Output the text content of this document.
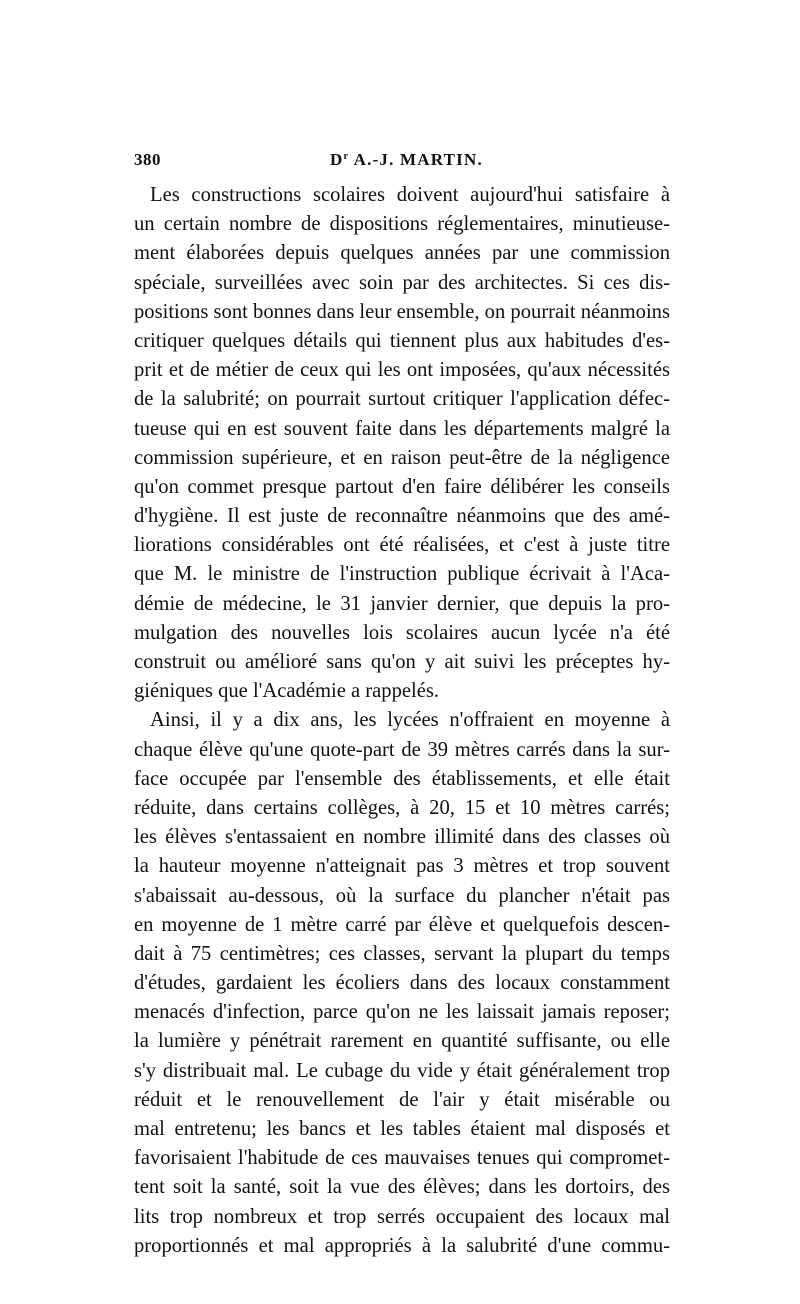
380	$D^r$ A.-J. MARTIN.
Les constructions scolaires doivent aujourd'hui satisfaire à
un certain nombre de dispositions réglementaires, minutieuse-
ment élaborées depuis quelques années par une commission
spéciale, surveillées avec soin par des architectes. Si ces dis-
positions sont bonnes dans leur ensemble, on pourrait néanmoins
critiquer quelques détails qui tiennent plus aux habitudes d'es-
prit et de métier de ceux qui les ont imposées, qu'aux nécessités
de la salubrité; on pourrait surtout critiquer l'application défec-
tueuse qui en est souvent faite dans les départements malgré la
commission supérieure, et en raison peut-être de la négligence
qu'on commet presque partout d'en faire délibérer les conseils
d'hygiène. Il est juste de reconnaître néanmoins que des amé-
liorations considérables ont été réalisées, et c'est à juste titre
que M. le ministre de l'instruction publique écrivait à l'Aca-
démie de médecine, le 31 janvier dernier, que depuis la pro-
mulgation des nouvelles lois scolaires aucun lycée n'a été
construit ou amélioré sans qu'on y ait suivi les préceptes hy-
giéniques que l'Académie a rappelés.
Ainsi, il y a dix ans, les lycées n'offraient en moyenne à
chaque élève qu'une quote-part de 39 mètres carrés dans la sur-
face occupée par l'ensemble des établissements, et elle était
réduite, dans certains collèges, à 20, 15 et 10 mètres carrés;
les élèves s'entassaient en nombre illimité dans des classes où
la hauteur moyenne n'atteignait pas 3 mètres et trop souvent
s'abaissait au-dessous, où la surface du plancher n'était pas
en moyenne de 1 mètre carré par élève et quelquefois descen-
dait à 75 centimètres; ces classes, servant la plupart du temps
d'études, gardaient les écoliers dans des locaux constamment
menacés d'infection, parce qu'on ne les laissait jamais reposer;
la lumière y pénétrait rarement en quantité suffisante, ou elle
s'y distribuait mal. Le cubage du vide y était généralement trop
réduit et le renouvellement de l'air y était misérable ou
mal entretenu; les bancs et les tables étaient mal disposés et
favorisaient l'habitude de ces mauvaises tenues qui compromet-
tent soit la santé, soit la vue des élèves; dans les dortoirs, des
lits trop nombreux et trop serrés occupaient des locaux mal
proportionnés et mal appropriés à la salubrité d'une commu-
